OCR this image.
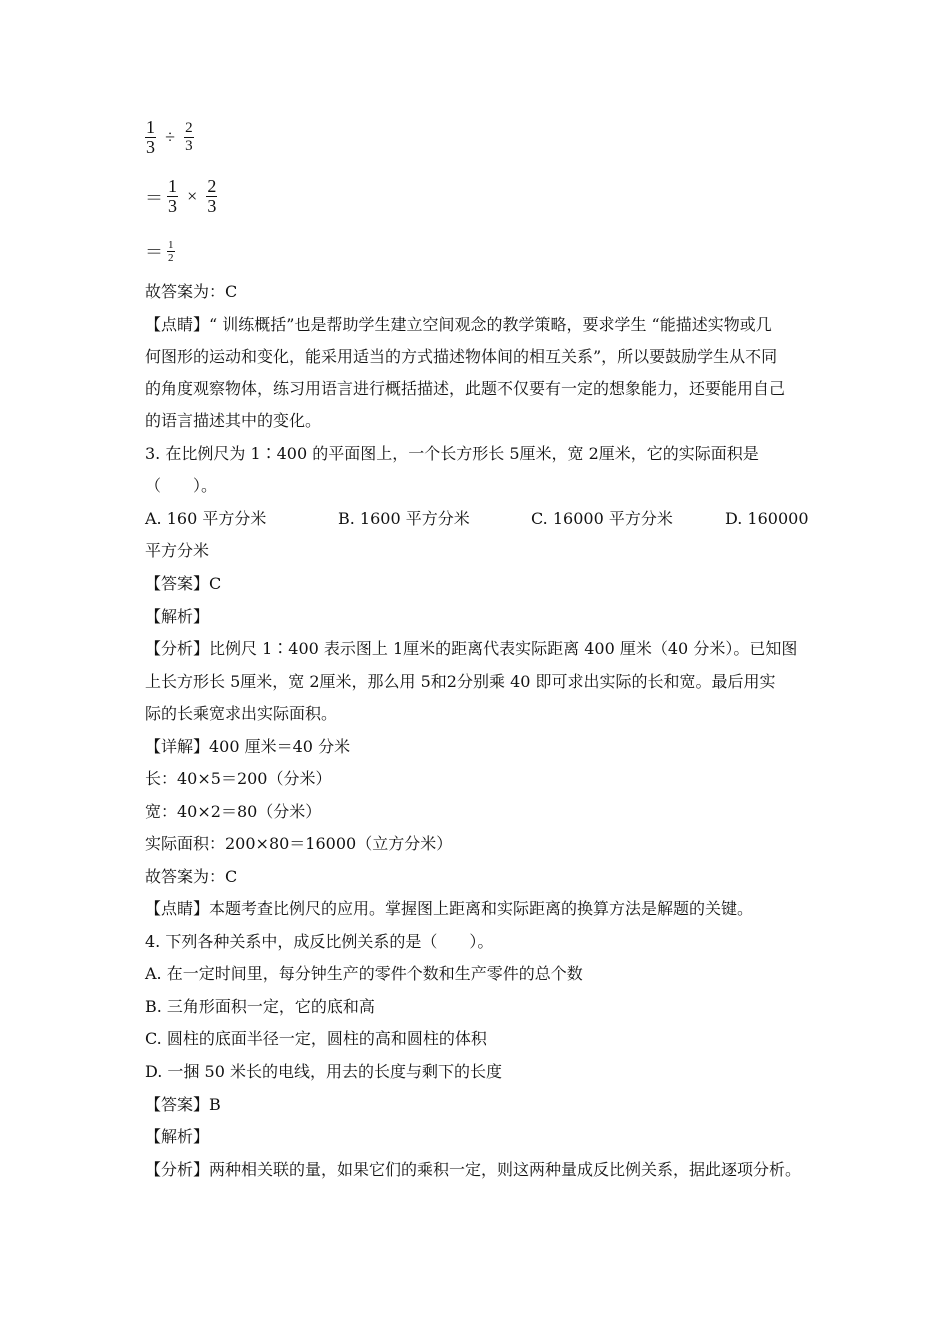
$\frac{1}{3} \div \frac{2}{3}$
＝ $\frac{1}{3} \times \frac{2}{3}$
＝ $\frac{1}{2}$
故答案为：C
【点睛】“ 训练概括”也是帮助学生建立空间观念的教学策略，要求学生 “能描述实物或几
何图形的运动和变化，能采用适当的方式描述物体间的相互关系”，所以要鼓励学生从不同
的角度观察物体，练习用语言进行概括描述，此题不仅要有一定的想象能力，还要能用自己
的语言描述其中的变化。
3. 在比例尺为 1∶400 的平面图上，一个长方形长 5厘米，宽 2厘米，它的实际面积是
（　　）。
A. 160 平方分米	B. 1600 平方分米	C. 16000 平方分米	D. 160000
平方分米
【答案】C
【解析】
【分析】比例尺 1∶400 表示图上 1厘米的距离代表实际距离 400 厘米（40 分米）。已知图
上长方形长 5厘米，宽 2厘米，那么用 5和2分别乘 40 即可求出实际的长和宽。最后用实
际的长乘宽求出实际面积。
【详解】400 厘米＝40 分米
长：40×5＝200（分米）
宽：40×2＝80（分米）
实际面积：200×80＝16000（立方分米）
故答案为：C
【点睛】本题考查比例尺的应用。掌握图上距离和实际距离的换算方法是解题的关键。
4. 下列各种关系中，成反比例关系的是（　　）。
A. 在一定时间里，每分钟生产的零件个数和生产零件的总个数
B. 三角形面积一定，它的底和高
C. 圆柱的底面半径一定，圆柱的高和圆柱的体积
D. 一捆 50 米长的电线，用去的长度与剩下的长度
【答案】B
【解析】
【分析】两种相关联的量，如果它们的乘积一定，则这两种量成反比例关系，据此逐项分析。
